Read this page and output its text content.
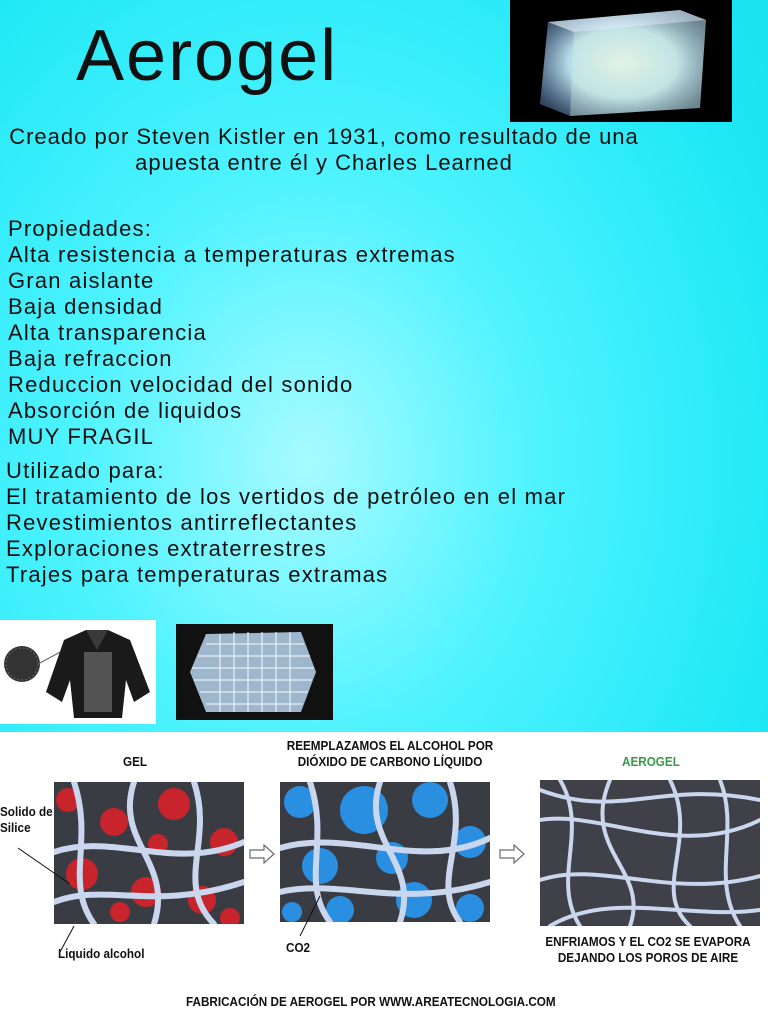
Aerogel
Creado por Steven Kistler en 1931, como resultado de una apuesta entre él y Charles Learned
Propiedades:
Alta resistencia a temperaturas extremas
Gran aislante
Baja densidad
Alta transparencia
Baja refraccion
Reduccion velocidad del sonido
Absorción de liquidos
MUY FRAGIL
Utilizado para:
El tratamiento de los vertidos de petróleo en el mar
Revestimientos antirreflectantes
Exploraciones extraterrestres
Trajes para temperaturas extramas
GEL
REEMPLAZAMOS EL ALCOHOL POR
DIÓXIDO DE CARBONO LÍQUIDO	AEROGEL
Solido de
Silice
Liquido alcohol	CO2	ENFRIAMOS Y EL CO2 SE EVAPORA
DEJANDO LOS POROS DE AIRE
FABRICACIÓN DE AEROGEL POR WWW.AREATECNOLOGIA.COM
